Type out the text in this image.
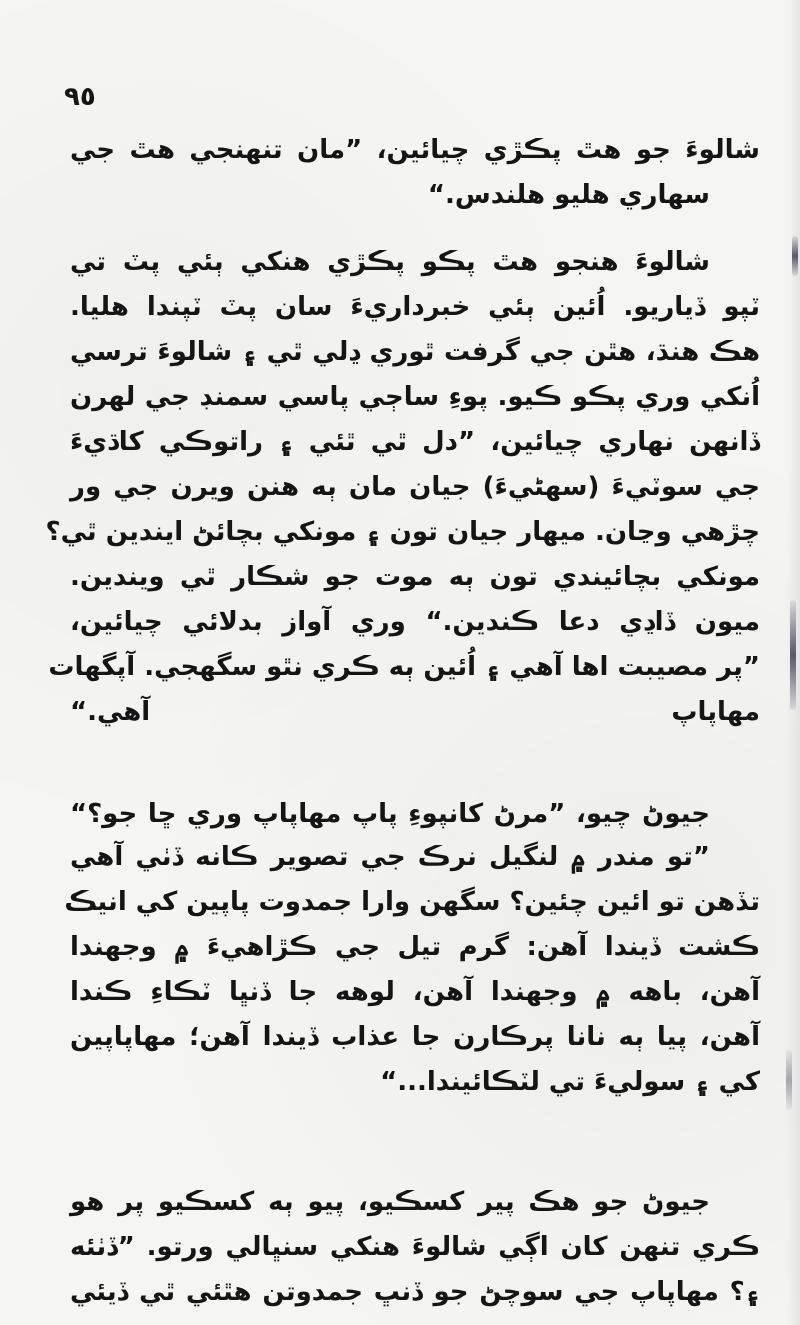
٩٥
شالوءَ جو هٿ پڪڙي چيائين، ”مان تنهنجي هٿ جي
سهاري هليو هلندس.“
شالوءَ هنجو هٿ پڪو پڪڙي هنکي ٻئي پٽ تي
ٽپو ڏياريو. اُئين ٻئي خبرداريءَ سان پٽ ٽپندا هليا.
هڪ هنڌ، هٿن جي گرفت ٿوري ڍلي ٿي ۽ شالوءَ ترسي
اُنکي وري پڪو ڪيو. پوءِ ساڄي پاسي سمنڊ جي لهرن
ڏانهن نهاري چيائين، ”دل ٿي ٿئي ۽ راتوڪي کاڌيءَ
جي سوٽيءَ (سهڻيءَ) جيان مان ٻه هنن ويرن جي ور
چڙهي وڃان. ميهار جيان تون ۽ مونکي بچائڻ ايندين ٿي؟
مونکي بچائيندي تون ٻه موت جو شڪار ٿي ويندين.
ميون ڏاڍي دعا ڪندين.“ وري آواز بدلائي چيائين،
”پر مصيبت اها آهي ۽ اُئين ٻه ڪري نٿو سگهجي. آپگهات
مهاپاپ آهي.“
جيوڻ چيو، ”مرڻ کانپوءِ پاپ مهاپاپ وري ڇا جو؟“
”تو مندر ۾ لنگيل نرڪ جي تصوير ڪانه ڏٺي آهي
تڏهن تو ائين چئين؟ سگهن وارا جمدوت پاپين کي انيڪ
ڪشت ڏيندا آهن: گرم تيل جي ڪڙاهيءَ ۾ وجهندا
آهن، باهه ۾ وجهندا آهن، لوهه جا ڏنڀا ٽڪاءِ ڪندا
آهن، پيا ٻه نانا پرڪارن جا عذاب ڏيندا آهن؛ مهاپاپين
کي ۽ سوليءَ تي لٽڪائيندا...“
جيوڻ جو هڪ پير کسڪيو، پيو ٻه کسڪيو پر هو
ڪري تنهن کان اڳي شالوءَ هنکي سنڀالي ورتو. ”ڏٺئه
۽؟ مهاپاپ جي سوچڻ جو ڏنڀ جمدوتن هٿئي ٿي ڏيئي
